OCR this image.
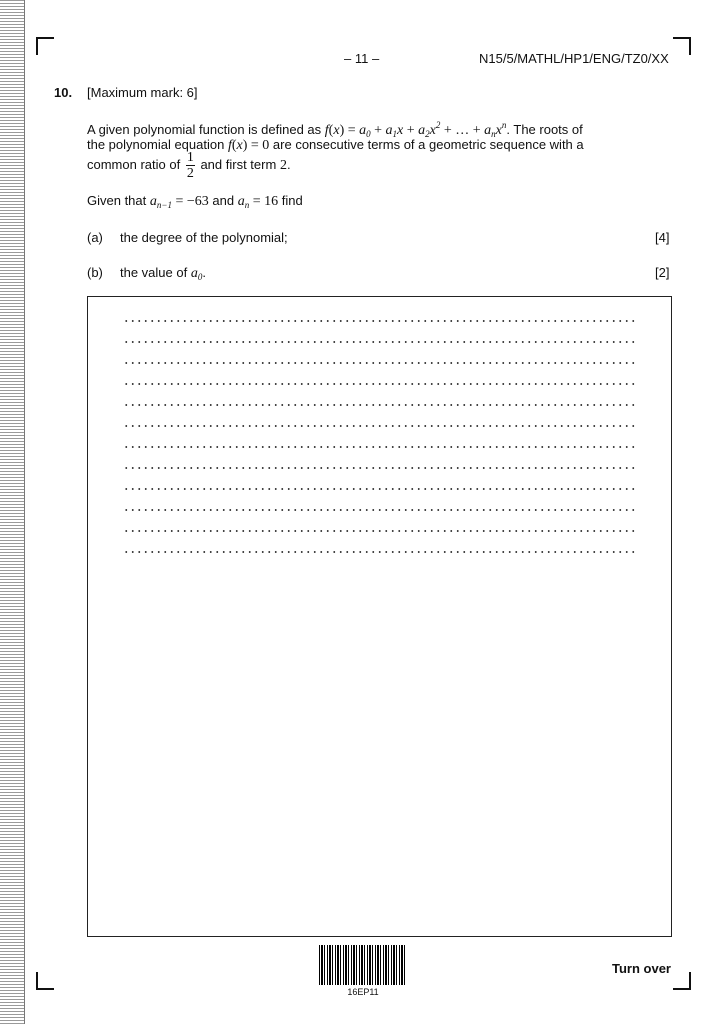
– 11 –	N15/5/MATHL/HP1/ENG/TZ0/XX
10. [Maximum mark: 6]
A given polynomial function is defined as $f(x) = a_0 + a_1x + a_2x^2$ + … + $a_nx^n$. The roots of
the polynomial equation f(x) = 0 are consecutive terms of a geometric sequence with a
common ratio of $\frac{1}{2}$ and first term 2.
Given that $a_{n-1} = -63$ and $a_n = 16$ find
(a) the degree of the polynomial;	[4]
(b) the value of $a_0$.	[2]
16EP11
Turn over
